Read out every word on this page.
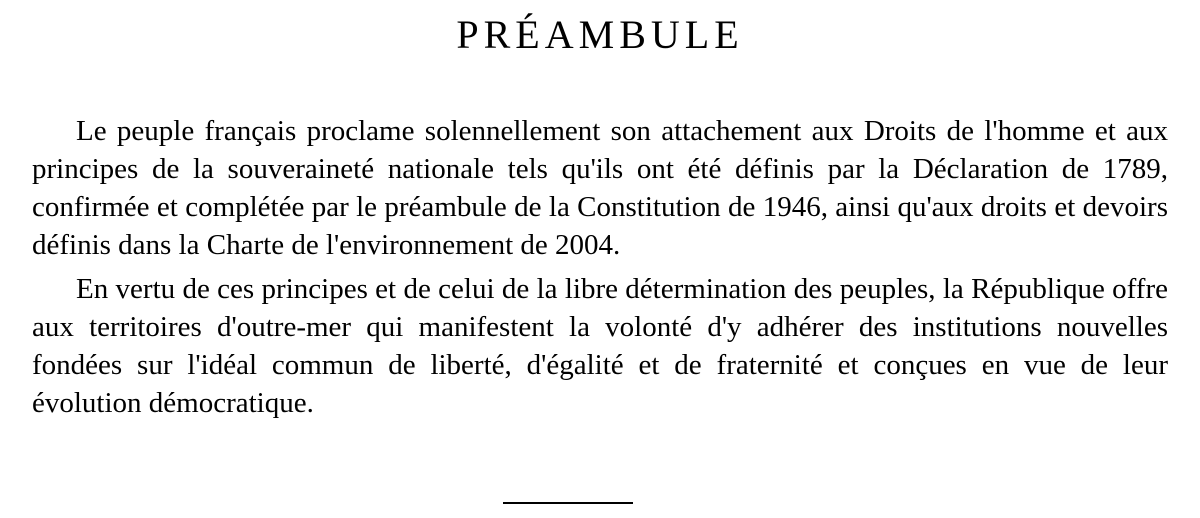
PRÉAMBULE

Le peuple français proclame solennellement son attachement aux Droits de l'homme et aux principes de la souveraineté nationale tels qu'ils ont été définis par la Déclaration de 1789, confirmée et complétée par le préambule de la Constitution de 1946, ainsi qu'aux droits et devoirs définis dans la Charte de l'environnement de 2004.

En vertu de ces principes et de celui de la libre détermination des peuples, la République offre aux territoires d'outre-mer qui manifestent la volonté d'y adhérer des institutions nouvelles fondées sur l'idéal commun de liberté, d'égalité et de fraternité et conçues en vue de leur évolution démocratique.
